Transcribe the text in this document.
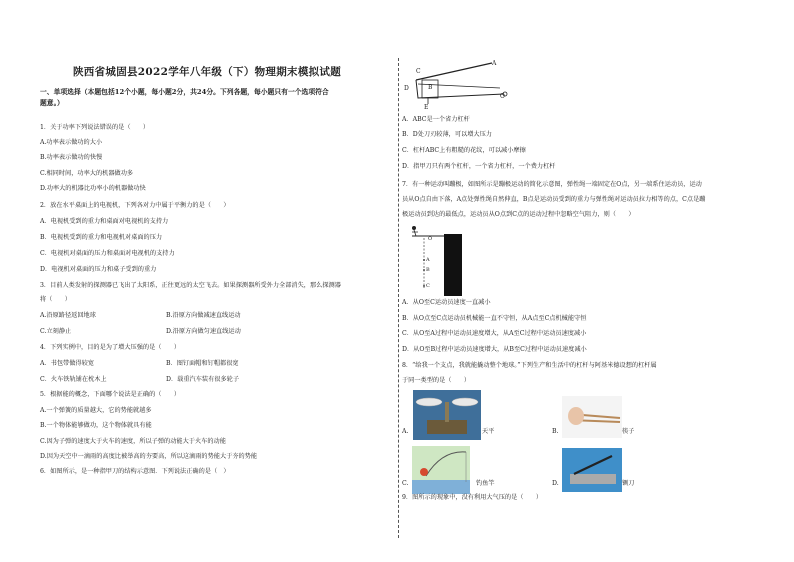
陕西省城固县2022学年八年级（下）物理期末模拟试题
一、单项选择（本题包括12个小题，每小题2分，共24分。下列各题，每小题只有一个选项符合
题意。）
1．关于功率下列说法错误的是（　　）
A.功率表示做功的大小
B.功率表示做功的快慢
C.相同时间，功率大的机器做功多
D.功率大的机器比功率小的机器做功快
2．放在水平桌面上的电视机，下列各对力中属于平衡力的是（　　）
A．电视机受到的重力和桌面对电视机的支持力
B．电视机受到的重力和电视机对桌面的压力
C．电视机对桌面的压力和桌面对电视机的支持力
D．电视机对桌面的压力和桌子受到的重力
3．目前人类发射的探测器已飞出了太阳系，正往更远的太空飞去。如果探测器所受外力全部消失，那么探测器
将（　　）
A.沿原路径返回地球	B.沿原方向做减速直线运动
C.立刻静止	D.沿原方向做匀速直线运动
4．下列实例中，目的是为了增大压强的是（　　）
A．书包带做得较宽	B．图钉面帽和钉帽都很宽
C．火车铁轨铺在枕木上	D．载重汽车装有很多轮子
5．根据能的概念，下面哪个说法是正确的（　　）
A.一个弹簧的质量越大，它的势能就越多
B.一个物体能够做功，这个物体就具有能
C.因为子弹的速度大于火车的速度，所以子弹的动能大于火车的动能
D.因为天空中一滴雨的高度比被举高的夯要高，所以这滴雨的势能大于夯的势能
6．如图所示，是一种指甲刀的结构示意图．下列说法正确的是（　）
A
B
C
D
O
E
A．ABC是一个省力杠杆
B．D处刀刃较薄，可以增大压力
C．杠杆ABC上有粗糙的花纹，可以减小摩擦
D．指甲刀只有两个杠杆，一个省力杠杆，一个费力杠杆
7．有一种运动叫蹦极，如图所示是蹦极运动的简化示意图，弹性绳一端固定在O点，另一端系住运动员，运动
员从O点自由下落，A点处弹性绳自然伸直，B点是运动员受到的重力与弹性绳对运动员拉力相等的点，C点是蹦
极运动员到达的最低点，运动员从O点到C点的运动过程中忽略空气阻力，则（　　）
O
A
B
C
A．从O至C运动员速度一直减小
B．从O点至C点运动员机械能一直不守恒，从A点至C点机械能守恒
C．从O至A过程中运动员速度增大，从A至C过程中运动员速度减小
D．从O至B过程中运动员速度增大，从B至C过程中运动员速度减小
8．“给我一个支点，我就能撬动整个地球。”下列生产和生活中的杠杆与阿基米德设想的杠杆属
于同一类型的是（　　）
A.	天平	B.	筷子
C.	钓鱼竿	D.	铡刀
9．图所示的现象中，没有利用大气压的是（　　）
